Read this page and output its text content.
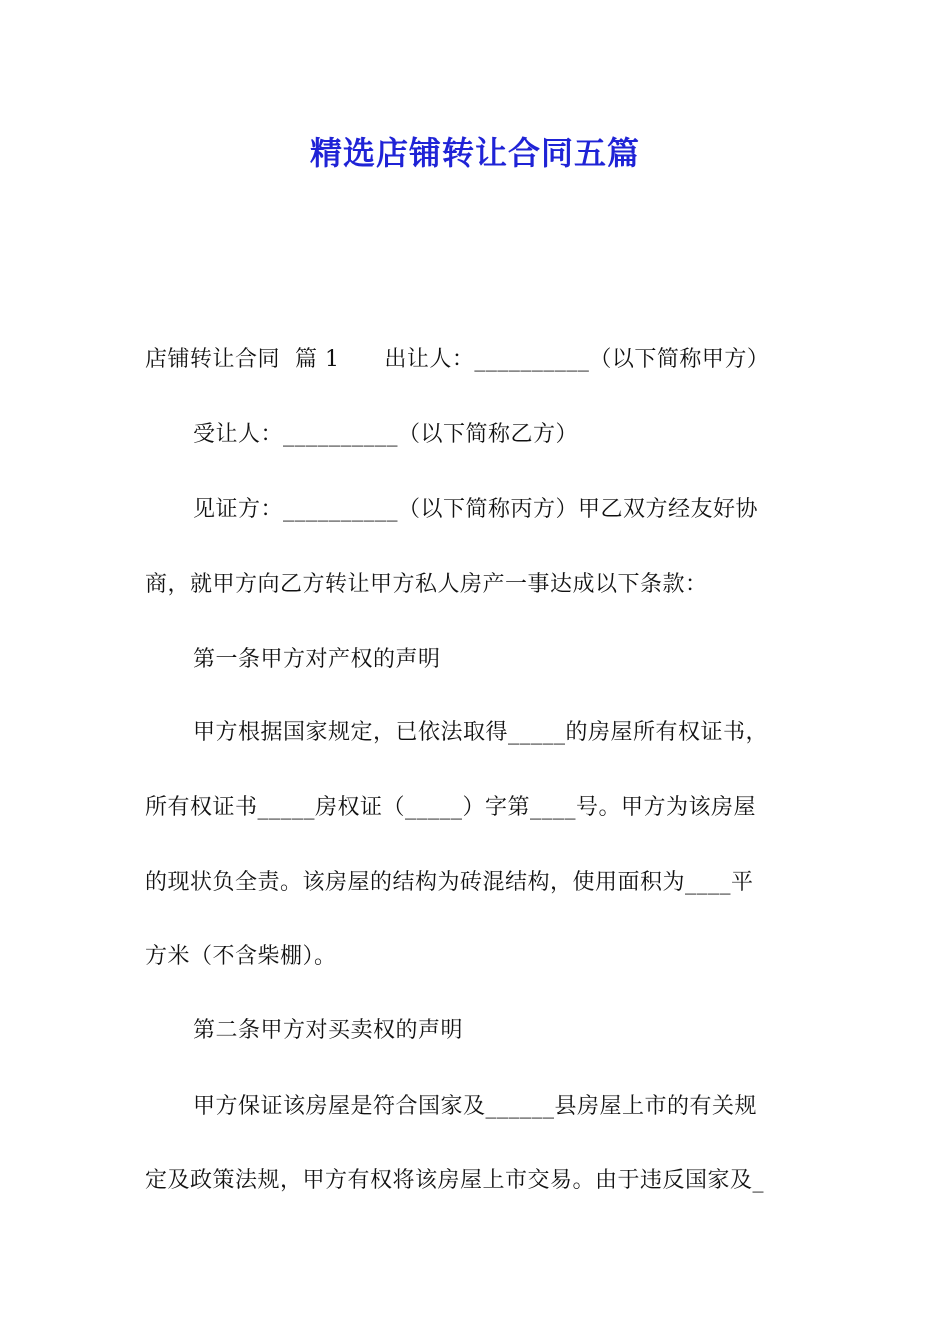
精选店铺转让合同五篇
店铺转让合同  篇 1      出让人：__________（以下简称甲方）
受让人：__________（以下简称乙方）
见证方：__________（以下简称丙方）甲乙双方经友好协
商，就甲方向乙方转让甲方私人房产一事达成以下条款：
第一条甲方对产权的声明
甲方根据国家规定，已依法取得_____的房屋所有权证书，
所有权证书_____房权证（_____）字第____号。甲方为该房屋
的现状负全责。该房屋的结构为砖混结构，使用面积为____平
方米（不含柴棚）。
第二条甲方对买卖权的声明
甲方保证该房屋是符合国家及______县房屋上市的有关规
定及政策法规，甲方有权将该房屋上市交易。由于违反国家及_
